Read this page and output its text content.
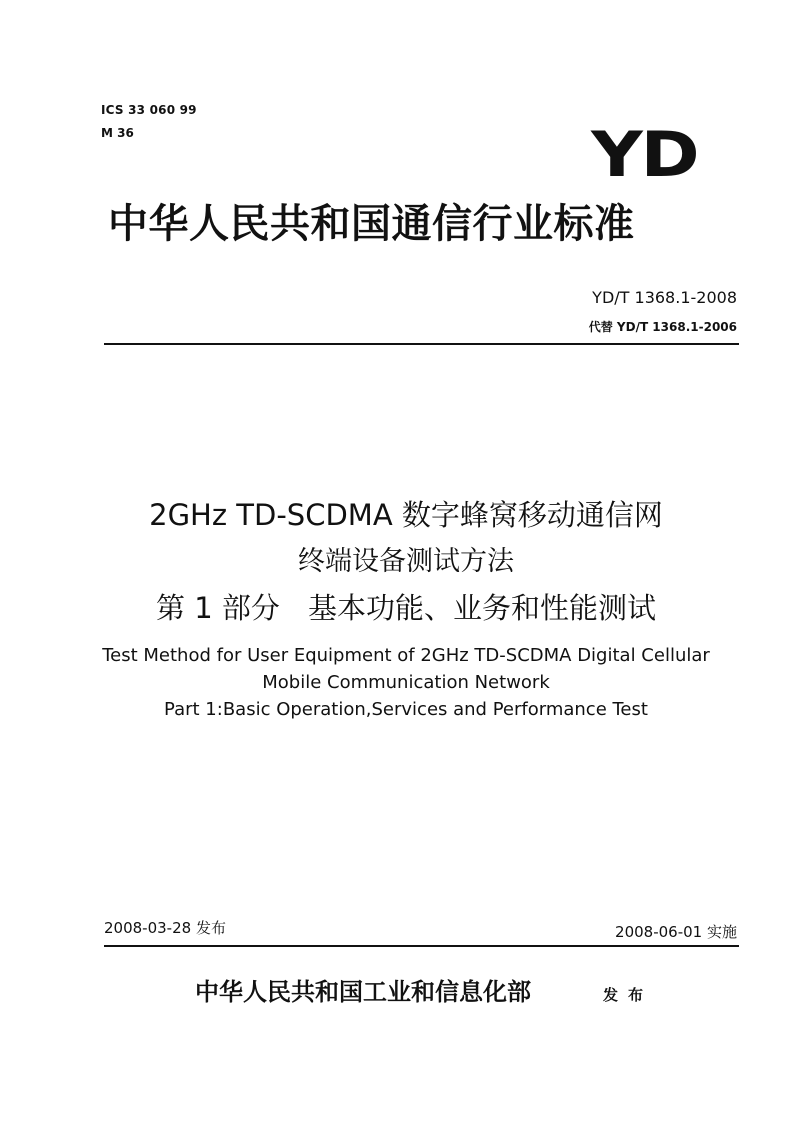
ICS 33 060 99
M 36	YD
中华人民共和国通信行业标准
YD/T 1368.1-2008
代替 YD/T 1368.1-2006
2GHz TD-SCDMA 数字蜂窝移动通信网
终端设备测试方法
第 1 部分 基本功能、业务和性能测试
Test Method for User Equipment of 2GHz TD-SCDMA Digital Cellular
Mobile Communication Network
Part 1:Basic Operation,Services and Performance Test
2008-03-28 发布	2008-06-01 实施
中华人民共和国工业和信息化部	发布
